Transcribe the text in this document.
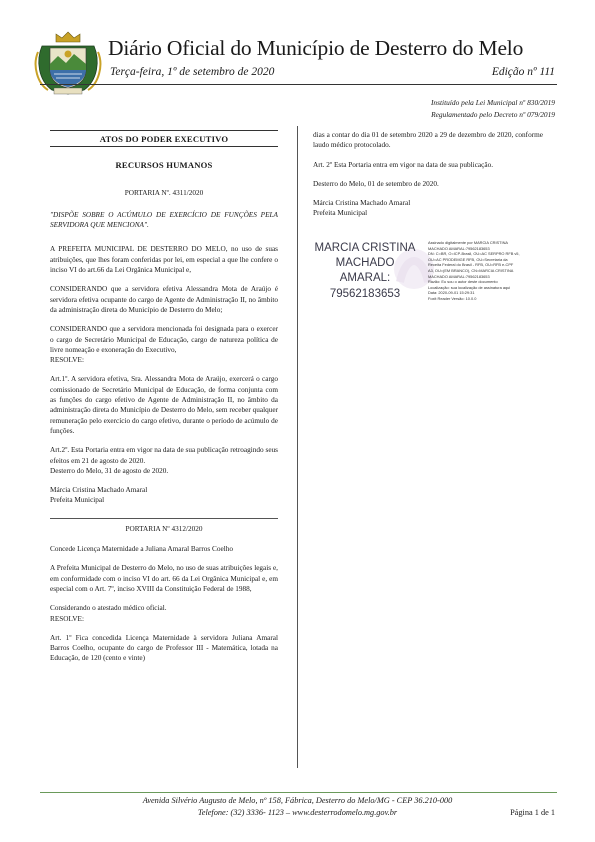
Diário Oficial do Município de Desterro do Melo
Terça-feira, 1º de setembro de 2020	Edição nº 111
Instituído pela Lei Municipal nº 830/2019
Regulamentado pelo Decreto nº 079/2019

ATOS DO PODER EXECUTIVO

RECURSOS HUMANOS

PORTARIA Nº. 4311/2020

"DISPÕE SOBRE O ACÚMULO DE EXERCÍCIO DE FUNÇÕES PELA SERVIDORA QUE MENCIONA".

A PREFEITA MUNICIPAL DE DESTERRO DO MELO, no uso de suas atribuições, que lhes foram conferidas por lei, em especial a que lhe confere o inciso VI do art.66 da Lei Orgânica Municipal e,

CONSIDERANDO que a servidora efetiva Alessandra Mota de Araújo é servidora efetiva ocupante do cargo de Agente de Administração II, no âmbito da administração direta do Município de Desterro do Melo;

CONSIDERANDO que a servidora mencionada foi designada para o exercer o cargo de Secretário Municipal de Educação, cargo de natureza política de livre nomeação e exoneração do Executivo,

RESOLVE:

Art.1º. A servidora efetiva, Sra. Alessandra Mota de Araújo, exercerá o cargo comissionado de Secretário Municipal de Educação, de forma conjunta com as funções do cargo efetivo de Agente de Administração II, no âmbito da administração direta do Município de Desterro do Melo, sem receber qualquer remuneração pelo exercício do cargo efetivo, durante o período de acúmulo de funções.

Art.2º. Esta Portaria entra em vigor na data de sua publicação retroagindo seus efeitos em 21 de agosto de 2020.

Desterro do Melo, 31 de agosto de 2020.

Márcia Cristina Machado Amaral

Prefeita Municipal

PORTARIA Nº 4312/2020

Concede Licença Maternidade a Juliana Amaral Barros Coelho

A Prefeita Municipal de Desterro do Melo, no uso de suas atribuições legais e, em conformidade com o inciso VI do art. 66 da Lei Orgânica Municipal e, em especial com o Art. 7º, inciso XVIII da Constituição Federal de 1988,

Considerando o atestado médico oficial.

RESOLVE:

Art. 1º Fica concedida Licença Maternidade à servidora Juliana Amaral Barros Coelho, ocupante do cargo de Professor III - Matemática, lotada na Educação, de 120 (cento e vinte)

dias a contar do dia 01 de setembro 2020 a 29 de dezembro de 2020, conforme laudo médico protocolado.

Art. 2º Esta Portaria entra em vigor na data de sua publicação.

Desterro do Melo, 01 de setembro de 2020.

Márcia Cristina Machado Amaral

Prefeita Municipal

MARCIA CRISTINA
MACHADO
AMARAL:
79562183653
Assinado digitalmente por MARCIA CRISTINA
MACHADO AMARAL:79562183653
DN: C=BR, O=ICP-Brasil, OU=AC SERPRO RFB v5,
OU=AC PRODEMGE RFB, OU=Secretaria da
Receita Federal do Brasil - RFB, OU=RFB e-CPF
A3, OU=(EM BRANCO), CN=MARCIA CRISTINA
MACHADO AMARAL:79562183653
Razão: Eu sou o autor deste documento
Localização: sua localização de assinatura aqui
Data: 2020-09-01 15:29:31
Foxit Reader Versão: 10.0.0
Avenida Silvério Augusto de Melo, nº 158, Fábrica, Desterro do Melo/MG - CEP 36.210-000
Telefone: (32) 3336- 1123 – www.desterrodomelo.mg.gov.br	Página 1 de 1
